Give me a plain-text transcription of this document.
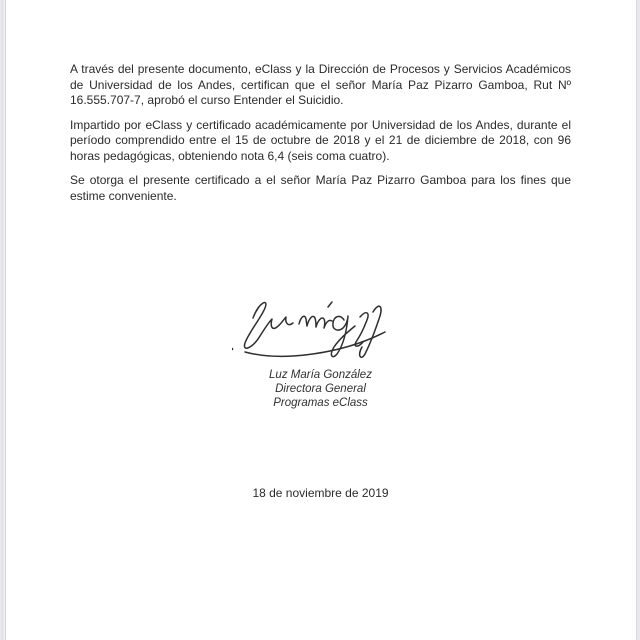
A través del presente documento, eClass y la Dirección de Procesos y Servicios Académicos de Universidad de los Andes, certifican que el señor María Paz Pizarro Gamboa, Rut Nº 16.555.707-7, aprobó el curso Entender el Suicidio.

Impartido por eClass y certificado académicamente por Universidad de los Andes, durante el período comprendido entre el 15 de octubre de 2018 y el 21 de diciembre de 2018, con 96 horas pedagógicas, obteniendo nota 6,4 (seis coma cuatro).

Se otorga el presente certificado a el señor María Paz Pizarro Gamboa para los fines que estime conveniente.

Luz María González
Directora General
Programas eClass
18 de noviembre de 2019
